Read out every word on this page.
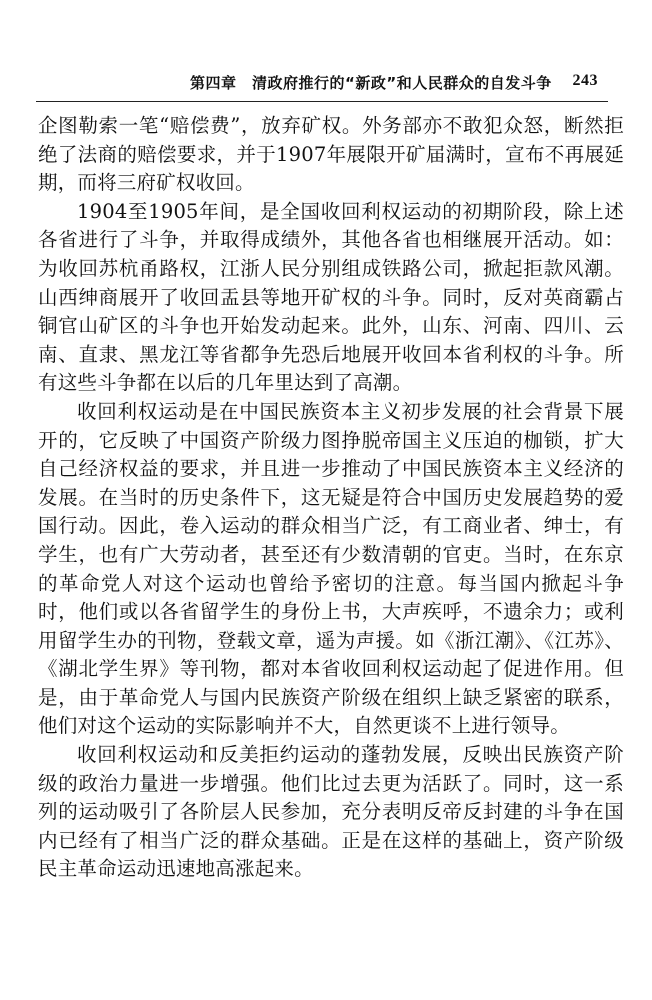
第四章　清政府推行的“新政”和人民群众的自发斗争 243

企图勒索一笔“赔偿费”，放弃矿权。外务部亦不敢犯众怒，断然拒绝了法商的赔偿要求，并于1907年展限开矿届满时，宣布不再展延期，而将三府矿权收回。

1904至1905年间，是全国收回利权运动的初期阶段，除上述各省进行了斗争，并取得成绩外，其他各省也相继展开活动。如：为收回苏杭甬路权，江浙人民分别组成铁路公司，掀起拒款风潮。山西绅商展开了收回盂县等地开矿权的斗争。同时，反对英商霸占铜官山矿区的斗争也开始发动起来。此外，山东、河南、四川、云南、直隶、黑龙江等省都争先恐后地展开收回本省利权的斗争。所有这些斗争都在以后的几年里达到了高潮。

收回利权运动是在中国民族资本主义初步发展的社会背景下展开的，它反映了中国资产阶级力图挣脱帝国主义压迫的枷锁，扩大自己经济权益的要求，并且进一步推动了中国民族资本主义经济的发展。在当时的历史条件下，这无疑是符合中国历史发展趋势的爱国行动。因此，卷入运动的群众相当广泛，有工商业者、绅士，有学生，也有广大劳动者，甚至还有少数清朝的官吏。当时，在东京的革命党人对这个运动也曾给予密切的注意。每当国内掀起斗争时，他们或以各省留学生的身份上书，大声疾呼，不遗余力；或利用留学生办的刊物，登载文章，遥为声援。如《浙江潮》、《江苏》、《湖北学生界》等刊物，都对本省收回利权运动起了促进作用。但是，由于革命党人与国内民族资产阶级在组织上缺乏紧密的联系，他们对这个运动的实际影响并不大，自然更谈不上进行领导。

收回利权运动和反美拒约运动的蓬勃发展，反映出民族资产阶级的政治力量进一步增强。他们比过去更为活跃了。同时，这一系列的运动吸引了各阶层人民参加，充分表明反帝反封建的斗争在国内已经有了相当广泛的群众基础。正是在这样的基础上，资产阶级民主革命运动迅速地高涨起来。
